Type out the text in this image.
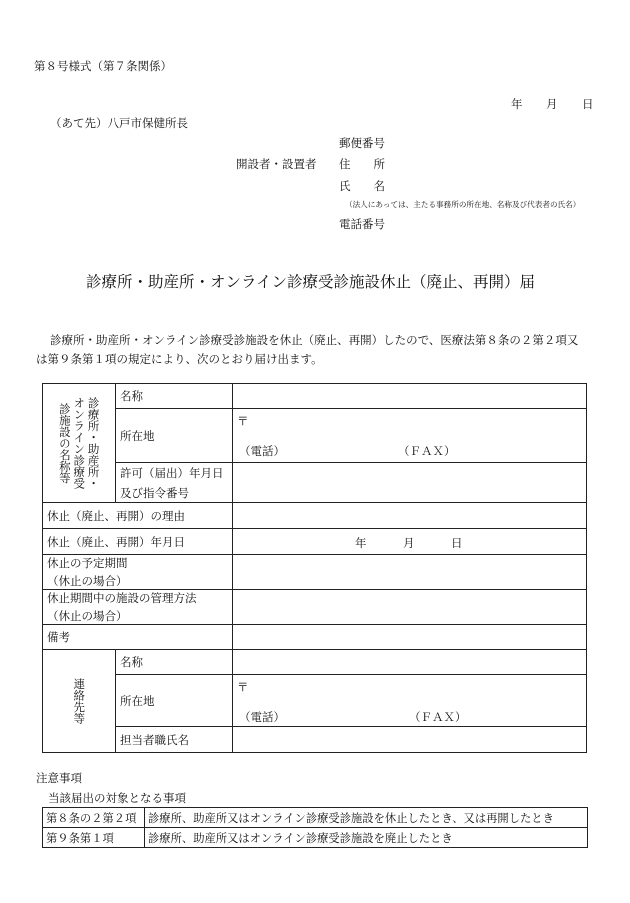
第８号様式（第７条関係）
年 月 日
（あて先）八戸市保健所長
郵便番号
開設者・設置者 住　　所
氏　　名
（法人にあっては、主たる事務所の所在地、名称及び代表者の氏名）
電話番号
診療所・助産所・オンライン診療受診施設休止（廃止、再開）届
診療所・助産所・オンライン診療受診施設を休止（廃止、再開）したので、医療法第８条の２第２項又
は第９条第１項の規定により、次のとおり届け出ます。
診療所・助産所・オンライン診療受診施設の名称等	名称	
	所在地	〒
（電話） （ＦＡＸ）

	許可（届出）年月日
及び指令番号	

休止（廃止、再開）の理由		
休止（廃止、再開）年月日		年 月 日

休止の予定期間
（休止の場合）		

休止期間中の施設の管理方法
（休止の場合）		

備考		

連絡先等	名称	
	所在地	〒
（電話） （ＦＡＸ）

	担当者職氏名	
注意事項
当該届出の対象となる事項
第８条の２第２項	診療所、助産所又はオンライン診療受診施設を休止したとき、又は再開したとき
第９条第１項	診療所、助産所又はオンライン診療受診施設を廃止したとき
